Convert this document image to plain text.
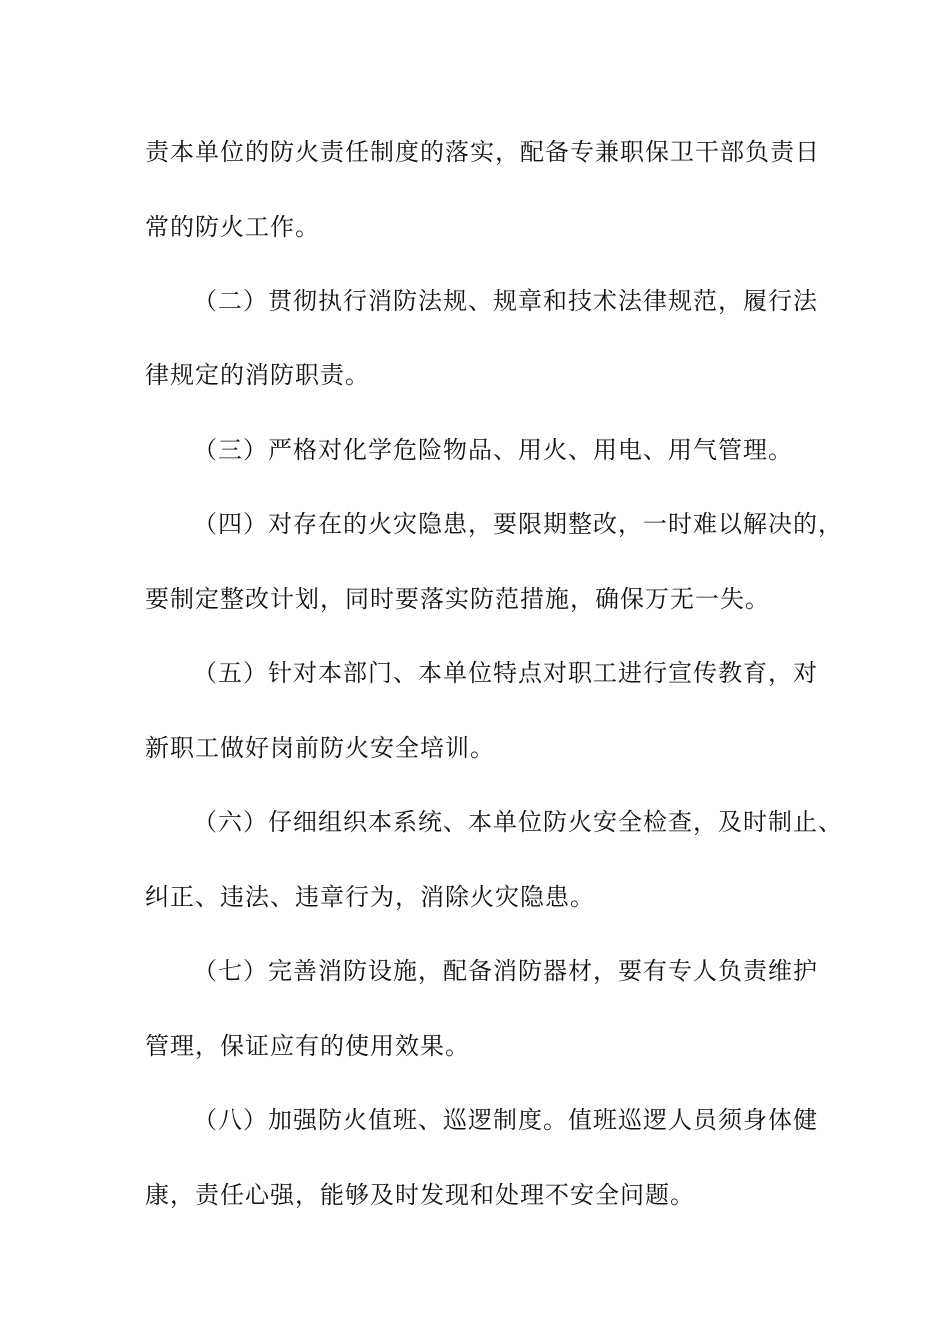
责本单位的防火责任制度的落实，配备专兼职保卫干部负责日
常的防火工作。
（二）贯彻执行消防法规、规章和技术法律规范，履行法
律规定的消防职责。
（三）严格对化学危险物品、用火、用电、用气管理。
（四）对存在的火灾隐患，要限期整改，一时难以解决的，
要制定整改计划，同时要落实防范措施，确保万无一失。
（五）针对本部门、本单位特点对职工进行宣传教育，对
新职工做好岗前防火安全培训。
（六）仔细组织本系统、本单位防火安全检查，及时制止、
纠正、违法、违章行为，消除火灾隐患。
（七）完善消防设施，配备消防器材，要有专人负责维护
管理，保证应有的使用效果。
（八）加强防火值班、巡逻制度。值班巡逻人员须身体健
康，责任心强，能够及时发现和处理不安全问题。
